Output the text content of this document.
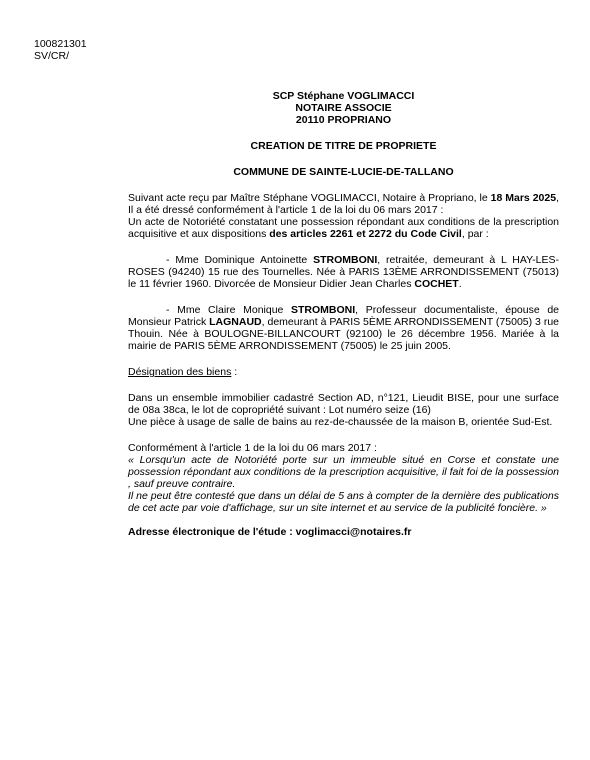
100821301
SV/CR/
SCP Stéphane VOGLIMACCI
NOTAIRE ASSOCIE
20110 PROPRIANO
CREATION DE TITRE DE PROPRIETE
COMMUNE DE SAINTE-LUCIE-DE-TALLANO

Suivant acte reçu par Maître Stéphane VOGLIMACCI, Notaire à Propriano, le 18 Mars 2025, Il a été dressé conformément à l'article 1 de la loi du 06 mars 2017 :
Un acte de Notoriété constatant une possession répondant aux conditions de la prescription acquisitive et aux dispositions des articles 2261 et 2272 du Code Civil, par :

- Mme Dominique Antoinette STROMBONI, retraitée, demeurant à L HAY-LES-ROSES (94240) 15 rue des Tournelles. Née à PARIS 13ÈME ARRONDISSEMENT (75013) le 11 février 1960. Divorcée de Monsieur Didier Jean Charles COCHET.

- Mme Claire Monique STROMBONI, Professeur documentaliste, épouse de Monsieur Patrick LAGNAUD, demeurant à PARIS 5ÈME ARRONDISSEMENT (75005) 3 rue Thouin. Née à BOULOGNE-BILLANCOURT (92100) le 26 décembre 1956. Mariée à la mairie de PARIS 5ÈME ARRONDISSEMENT (75005) le 25 juin 2005.

Désignation des biens :

Dans un ensemble immobilier cadastré Section AD, n°121, Lieudit BISE, pour une surface de 08a 38ca, le lot de copropriété suivant : Lot numéro seize (16)
Une pièce à usage de salle de bains au rez-de-chaussée de la maison B, orientée Sud-Est.

Conformément à l'article 1 de la loi du 06 mars 2017 :
« Lorsqu'un acte de Notoriété porte sur un immeuble situé en Corse et constate une possession répondant aux conditions de la prescription acquisitive, il fait foi de la possession , sauf preuve contraire.
Il ne peut être contesté que dans un délai de 5 ans à compter de la dernière des publications de cet acte par voie d'affichage, sur un site internet et au service de la publicité foncière. »

Adresse électronique de l'étude : voglimacci@notaires.fr
